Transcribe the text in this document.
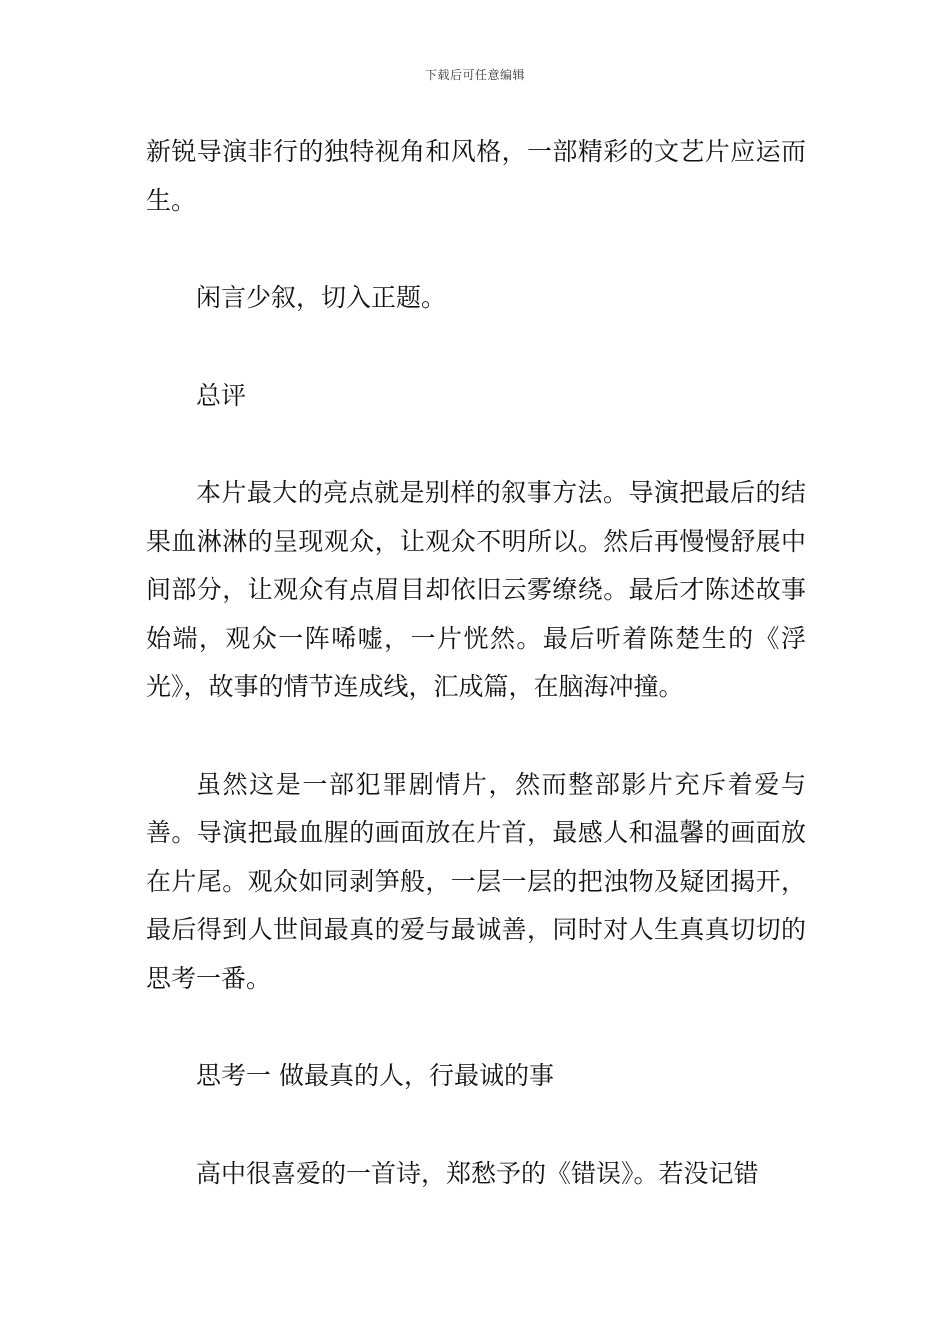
下载后可任意编辑

新锐导演非行的独特视角和风格，一部精彩的文艺片应运而生。

闲言少叙，切入正题。

总评

本片最大的亮点就是别样的叙事方法。导演把最后的结果血淋淋的呈现观众，让观众不明所以。然后再慢慢舒展中间部分，让观众有点眉目却依旧云雾缭绕。最后才陈述故事始端，观众一阵唏嘘，一片恍然。最后听着陈楚生的《浮光》，故事的情节连成线，汇成篇，在脑海冲撞。

虽然这是一部犯罪剧情片，然而整部影片充斥着爱与善。导演把最血腥的画面放在片首，最感人和温馨的画面放在片尾。观众如同剥笋般，一层一层的把浊物及疑团揭开，最后得到人世间最真的爱与最诚善，同时对人生真真切切的思考一番。

思考一 做最真的人，行最诚的事

高中很喜爱的一首诗，郑愁予的《错误》。若没记错
